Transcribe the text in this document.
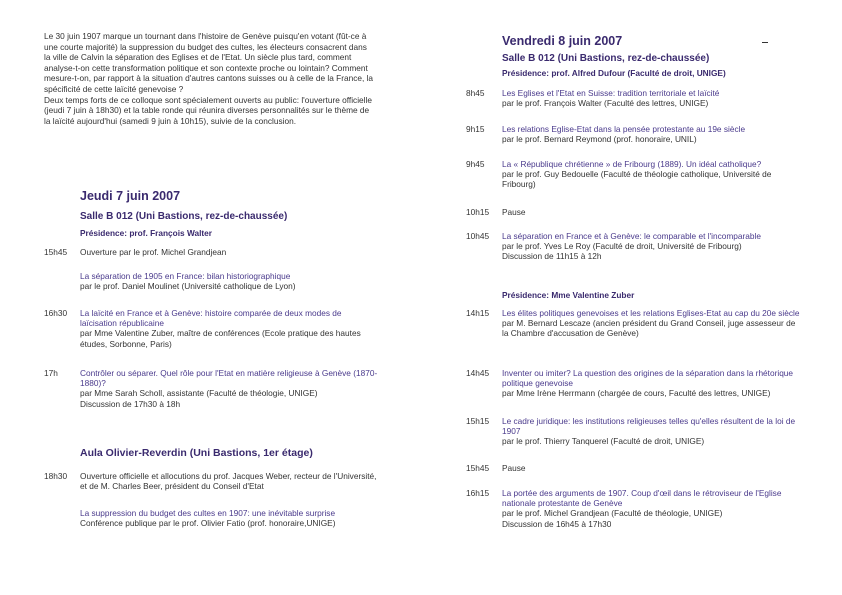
Le 30 juin 1907 marque un tournant dans l'histoire de Genève puisqu'en votant (fût-ce à une courte majorité) la suppression du budget des cultes, les électeurs consacrent dans la ville de Calvin la séparation des Eglises et de l'Etat. Un siècle plus tard, comment analyse-t-on cette transformation politique et son contexte proche ou lointain? Comment mesure-t-on, par rapport à la situation d'autres cantons suisses ou à celle de la France, la spécificité de cette laïcité genevoise ?

Deux temps forts de ce colloque sont spécialement ouverts au public: l'ouverture officielle (jeudi 7 juin à 18h30) et la table ronde qui réunira diverses personnalités sur le thème de la laïcité aujourd'hui (samedi 9 juin à 10h15), suivie de la conclusion.

Jeudi 7 juin 2007
Salle B 012 (Uni Bastions, rez-de-chaussée)
Présidence: prof. François Walter
15h45 Ouverture par le prof. Michel Grandjean
La séparation de 1905 en France: bilan historiographique
par le prof. Daniel Moulinet (Université catholique de Lyon)
16h30 La laïcité en France et à Genève: histoire comparée de deux modes de laïcisation républicaine
par Mme Valentine Zuber, maître de conférences (Ecole pratique des hautes études, Sorbonne, Paris)
17h	Contrôler ou séparer. Quel rôle pour l'Etat en matière religieuse à Genève (1870-1880)?
par Mme Sarah Scholl, assistante (Faculté de théologie, UNIGE)
Discussion de 17h30 à 18h
Aula Olivier-Reverdin (Uni Bastions, 1er étage)
18h30 Ouverture officielle et allocutions du prof. Jacques Weber, recteur de l'Université, et de M. Charles Beer, président du Conseil d'Etat
La suppression du budget des cultes en 1907: une inévitable surprise
Conférence publique par le prof. Olivier Fatio (prof. honoraire,UNIGE)
Vendredi 8 juin 2007
Salle B 012 (Uni Bastions, rez-de-chaussée)
Présidence: prof. Alfred Dufour (Faculté de droit, UNIGE)
8h45 Les Eglises et l'Etat en Suisse: tradition territoriale et laïcité
par le prof. François Walter (Faculté des lettres, UNIGE)
9h15 Les relations Eglise-Etat dans la pensée protestante au 19e siècle
par le prof. Bernard Reymond (prof. honoraire, UNIL)
9h45 La « République chrétienne » de Fribourg (1889). Un idéal catholique?
par le prof. Guy Bedouelle (Faculté de théologie catholique, Université de Fribourg)
10h15 Pause
10h45 La séparation en France et à Genève: le comparable et l'incomparable
par le prof. Yves Le Roy (Faculté de droit, Université de Fribourg)
Discussion de 11h15 à 12h
Présidence: Mme Valentine Zuber
14h15 Les élites politiques genevoises et les relations Eglises-Etat au cap du 20e siècle
par M. Bernard Lescaze (ancien président du Grand Conseil, juge assesseur de la Chambre d'accusation de Genève)
14h45 Inventer ou imiter? La question des origines de la séparation dans la rhétorique politique genevoise
par Mme Irène Herrmann (chargée de cours, Faculté des lettres, UNIGE)
15h15 Le cadre juridique: les institutions religieuses telles qu'elles résultent de la loi de 1907
par le prof. Thierry Tanquerel (Faculté de droit, UNIGE)
15h45 Pause
16h15 La portée des arguments de 1907. Coup d'œil dans le rétroviseur de l'Eglise nationale protestante de Genève
par le prof. Michel Grandjean (Faculté de théologie, UNIGE)
Discussion de 16h45 à 17h30
